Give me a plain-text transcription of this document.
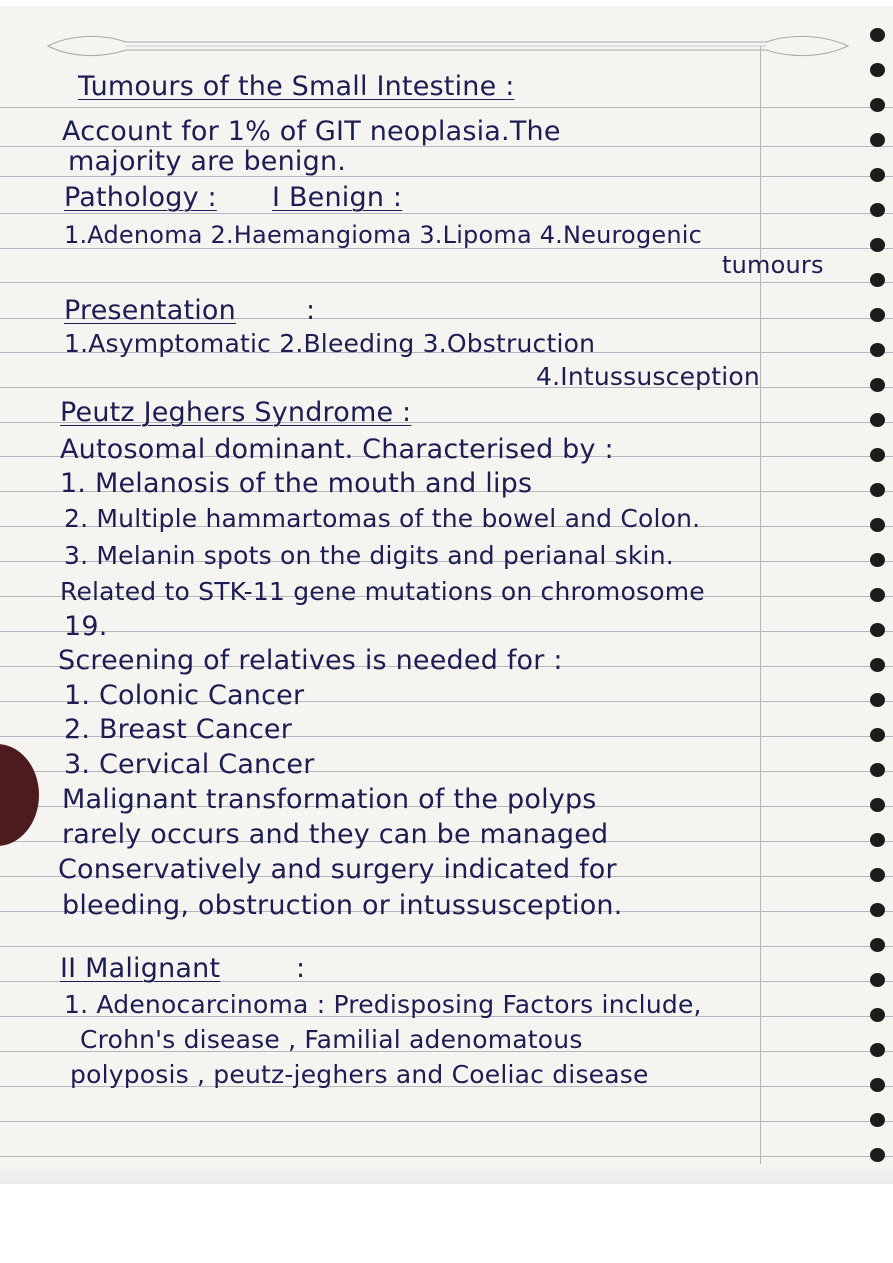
Tumours of the Small Intestine :
Account for 1% of GIT neoplasia.The
majority are benign.
Pathology : I Benign :
1.Adenoma 2.Haemangioma 3.Lipoma 4.Neurogenic
tumours
Presentation	:
1.Asymptomatic 2.Bleeding 3.Obstruction
4.Intussusception
Peutz Jeghers Syndrome :
Autosomal dominant. Characterised by :
1. Melanosis of the mouth and lips
2. Multiple hammartomas of the bowel and Colon.
3. Melanin spots on the digits and perianal skin.
Related to STK-11 gene mutations on chromosome
19.
Screening of relatives is needed for :
1. Colonic Cancer
2. Breast Cancer
3. Cervical Cancer
Malignant transformation of the polyps
rarely occurs and they can be managed
Conservatively and surgery indicated for
bleeding, obstruction or intussusception.
II Malignant	:
1. Adenocarcinoma : Predisposing Factors include,
Crohn's disease , Familial adenomatous
polyposis , peutz-jeghers and Coeliac disease
